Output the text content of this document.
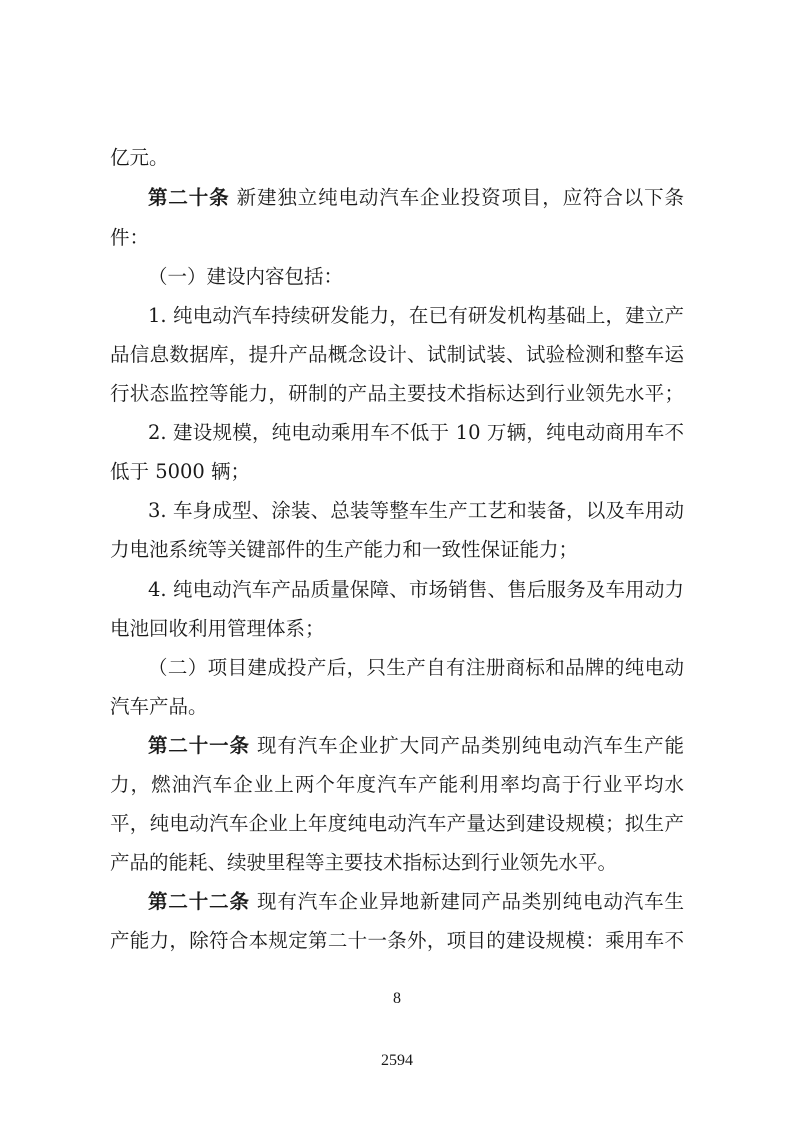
亿元。
第二十条 新建独立纯电动汽车企业投资项目，应符合以下条
件：
（一）建设内容包括：
1. 纯电动汽车持续研发能力，在已有研发机构基础上，建立产
品信息数据库，提升产品概念设计、试制试装、试验检测和整车运
行状态监控等能力，研制的产品主要技术指标达到行业领先水平；
2. 建设规模，纯电动乘用车不低于 10 万辆，纯电动商用车不
低于 5000 辆；
3. 车身成型、涂装、总装等整车生产工艺和装备，以及车用动
力电池系统等关键部件的生产能力和一致性保证能力；
4. 纯电动汽车产品质量保障、市场销售、售后服务及车用动力
电池回收利用管理体系；
（二）项目建成投产后，只生产自有注册商标和品牌的纯电动
汽车产品。
第二十一条 现有汽车企业扩大同产品类别纯电动汽车生产能
力，燃油汽车企业上两个年度汽车产能利用率均高于行业平均水
平，纯电动汽车企业上年度纯电动汽车产量达到建设规模；拟生产
产品的能耗、续驶里程等主要技术指标达到行业领先水平。
第二十二条 现有汽车企业异地新建同产品类别纯电动汽车生
产能力，除符合本规定第二十一条外，项目的建设规模：乘用车不
8
2594
